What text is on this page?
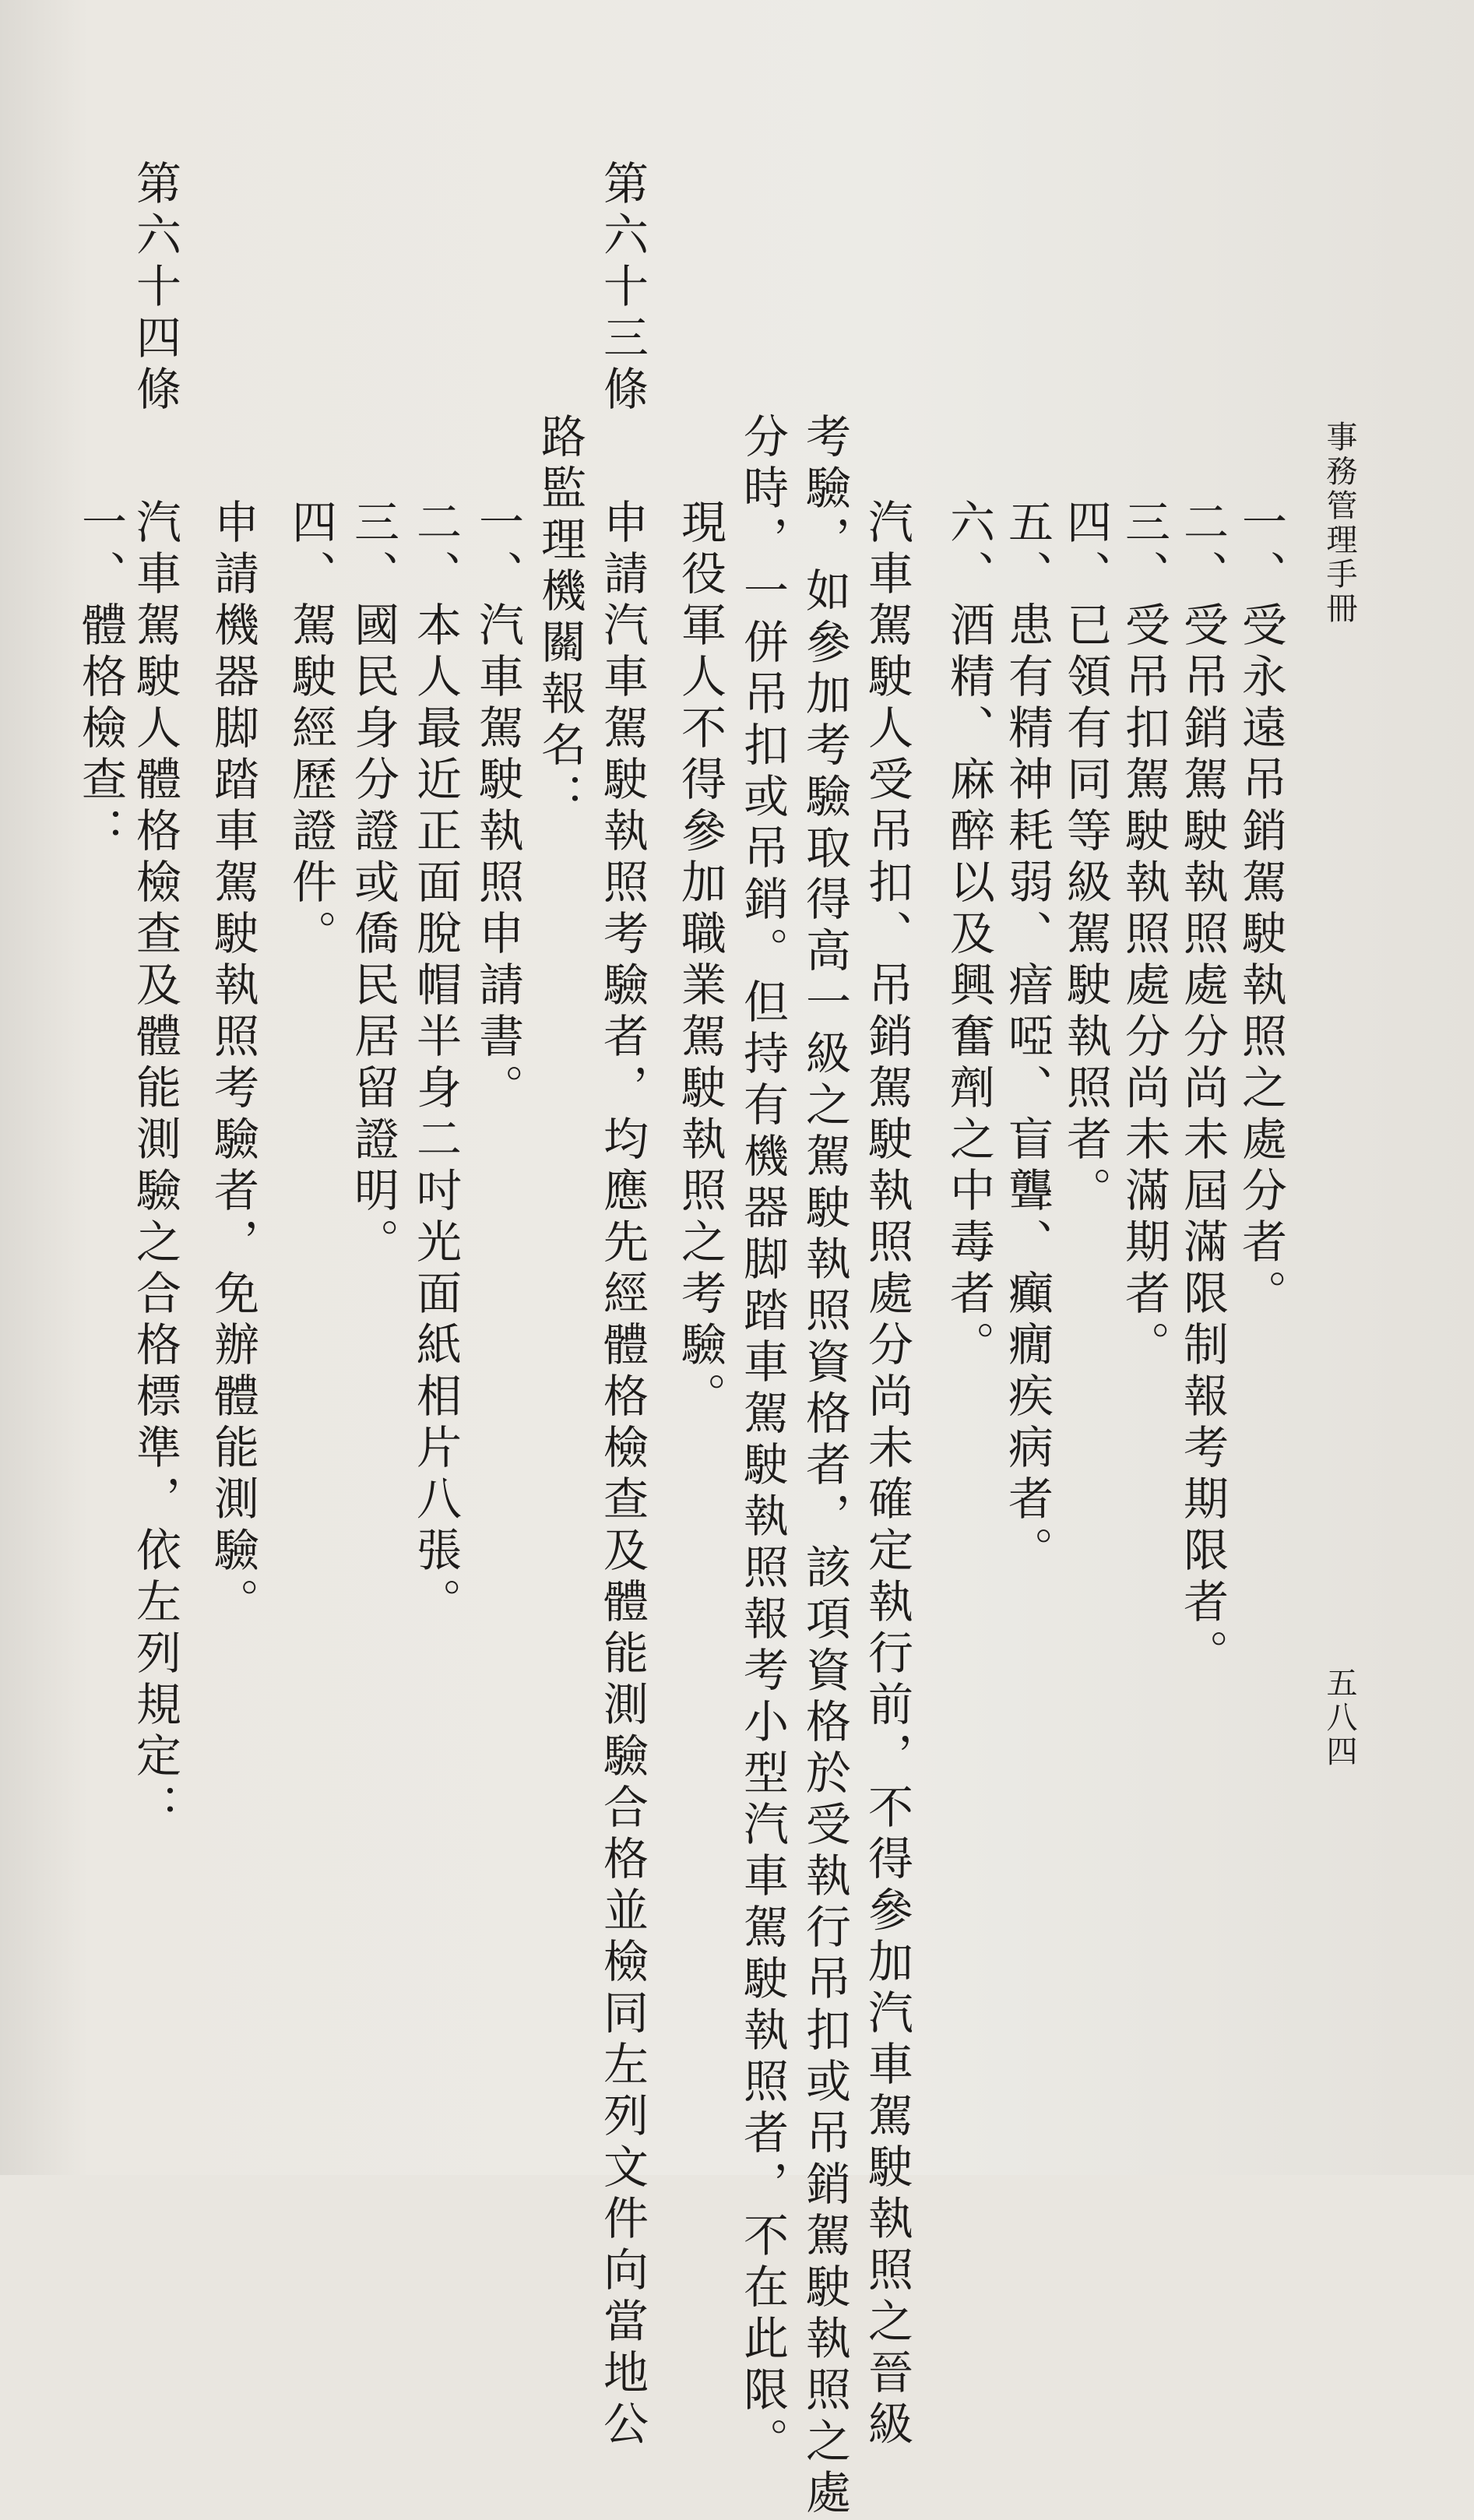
事務管理手冊
五八四
一、受永遠吊銷駕駛執照之處分者。
二、受吊銷駕駛執照處分尚未屆滿限制報考期限者。
三、受吊扣駕駛執照處分尚未滿期者。
四、已領有同等級駕駛執照者。
五、患有精神耗弱、瘖啞、盲聾、癲癇疾病者。
六、酒精、麻醉以及興奮劑之中毒者。
汽車駕駛人受吊扣、吊銷駕駛執照處分尚未確定執行前，不得參加汽車駕駛執照之晉級
考驗，如參加考驗取得高一級之駕駛執照資格者，該項資格於受執行吊扣或吊銷駕駛執照之處
分時，一併吊扣或吊銷。但持有機器脚踏車駕駛執照報考小型汽車駕駛執照者，不在此限。
現役軍人不得參加職業駕駛執照之考驗。
第六十三條
申請汽車駕駛執照考驗者，均應先經體格檢查及體能測驗合格並檢同左列文件向當地公
路監理機關報名：
一、汽車駕駛執照申請書。
二、本人最近正面脫帽半身二吋光面紙相片八張。
三、國民身分證或僑民居留證明。
四、駕駛經歷證件。
申請機器脚踏車駕駛執照考驗者，免辦體能測驗。
第六十四條
汽車駕駛人體格檢查及體能測驗之合格標準，依左列規定：
一、體格檢查：
